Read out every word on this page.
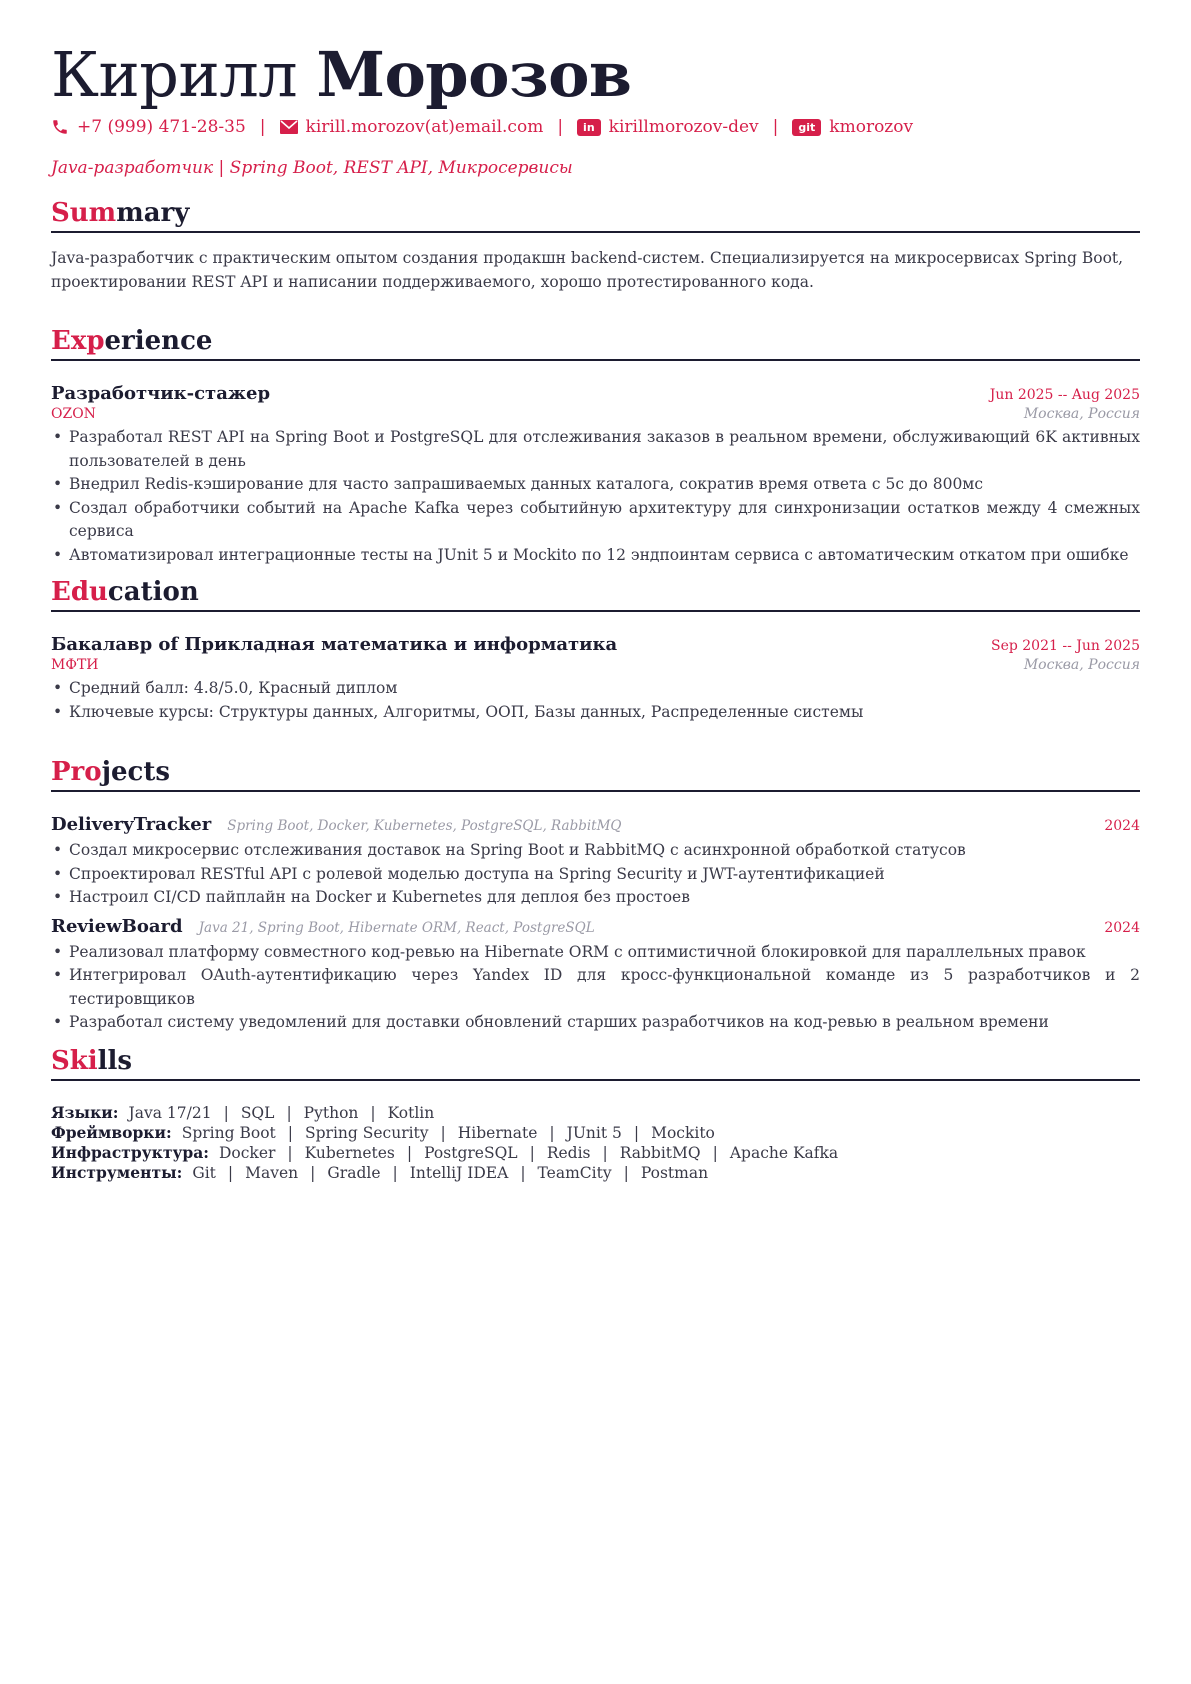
Кирилл Морозов
+7 (999) 471-28-35 | kirill.morozov(at)email.com |	in kirillmorozov-dev |	git kmorozov
Java-разработчик | Spring Boot, REST API, Микросервисы
Summary
Java-разработчик с практическим опытом создания продакшн backend-систем. Специализируется на микросервисах Spring Boot, проектировании REST API и написании поддерживаемого, хорошо протестированного кода.
Experience
Разработчик-стажер	Jun 2025 -- Aug 2025
OZON	Москва, Россия
• Разработал REST API на Spring Boot и PostgreSQL для отслеживания заказов в реальном времени, обслуживающий 6K активных пользователей в день
• Внедрил Redis-кэширование для часто запрашиваемых данных каталога, сократив время ответа с 5с до 800мс
• Создал обработчики событий на Apache Kafka через событийную архитектуру для синхронизации остатков между 4 смежных сервиса
• Автоматизировал интеграционные тесты на JUnit 5 и Mockito по 12 эндпоинтам сервиса с автоматическим откатом при ошибке
Education
Бакалавр of Прикладная математика и информатика	Sep 2021 -- Jun 2025
МФТИ	Москва, Россия
• Средний балл: 4.8/5.0, Красный диплом
• Ключевые курсы: Структуры данных, Алгоритмы, ООП, Базы данных, Распределенные системы
Projects
DeliveryTracker Spring Boot, Docker, Kubernetes, PostgreSQL, RabbitMQ	2024
• Создал микросервис отслеживания доставок на Spring Boot и RabbitMQ с асинхронной обработкой статусов
• Спроектировал RESTful API с ролевой моделью доступа на Spring Security и JWT-аутентификацией
• Настроил CI/CD пайплайн на Docker и Kubernetes для деплоя без простоев
ReviewBoard Java 21, Spring Boot, Hibernate ORM, React, PostgreSQL	2024
• Реализовал платформу совместного код-ревью на Hibernate ORM с оптимистичной блокировкой для параллельных правок
• Интегрировал OAuth-аутентификацию через Yandex ID для кросс-функциональной команде из 5 разработчиков и 2 тестировщиков
• Разработал систему уведомлений для доставки обновлений старших разработчиков на код-ревью в реальном времени
Skills
Языки: Java 17/21 | SQL | Python | Kotlin
Фреймворки: Spring Boot | Spring Security | Hibernate | JUnit 5 | Mockito
Инфраструктура: Docker | Kubernetes | PostgreSQL | Redis | RabbitMQ | Apache Kafka
Инструменты: Git | Maven | Gradle | IntelliJ IDEA | TeamCity | Postman
